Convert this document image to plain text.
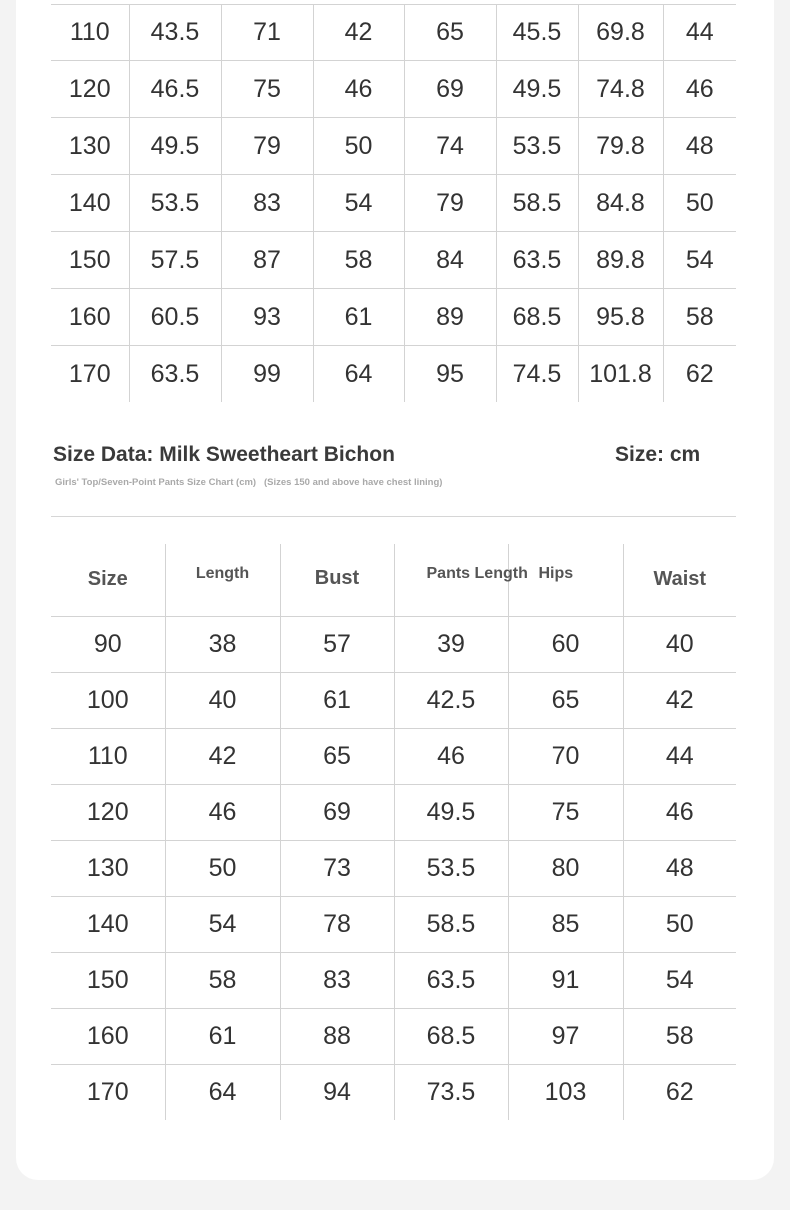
110	43.5	71	42	65	45.5	69.8	44
120	46.5	75	46	69	49.5	74.8	46
130	49.5	79	50	74	53.5	79.8	48
140	53.5	83	54	79	58.5	84.8	50
150	57.5	87	58	84	63.5	89.8	54
160	60.5	93	61	89	68.5	95.8	58
170	63.5	99	64	95	74.5	101.8	62
Size Data: Milk Sweetheart Bichon	Size: cm
Girls' Top/Seven-Point Pants Size Chart (cm) (Sizes 150 and above have chest lining)
Size	Length	Bust	Pants Length	Hips	Waist

90	38	57	39	60	40
100	40	61	42.5	65	42
110	42	65	46	70	44
120	46	69	49.5	75	46
130	50	73	53.5	80	48
140	54	78	58.5	85	50
150	58	83	63.5	91	54
160	61	88	68.5	97	58
170	64	94	73.5	103	62
